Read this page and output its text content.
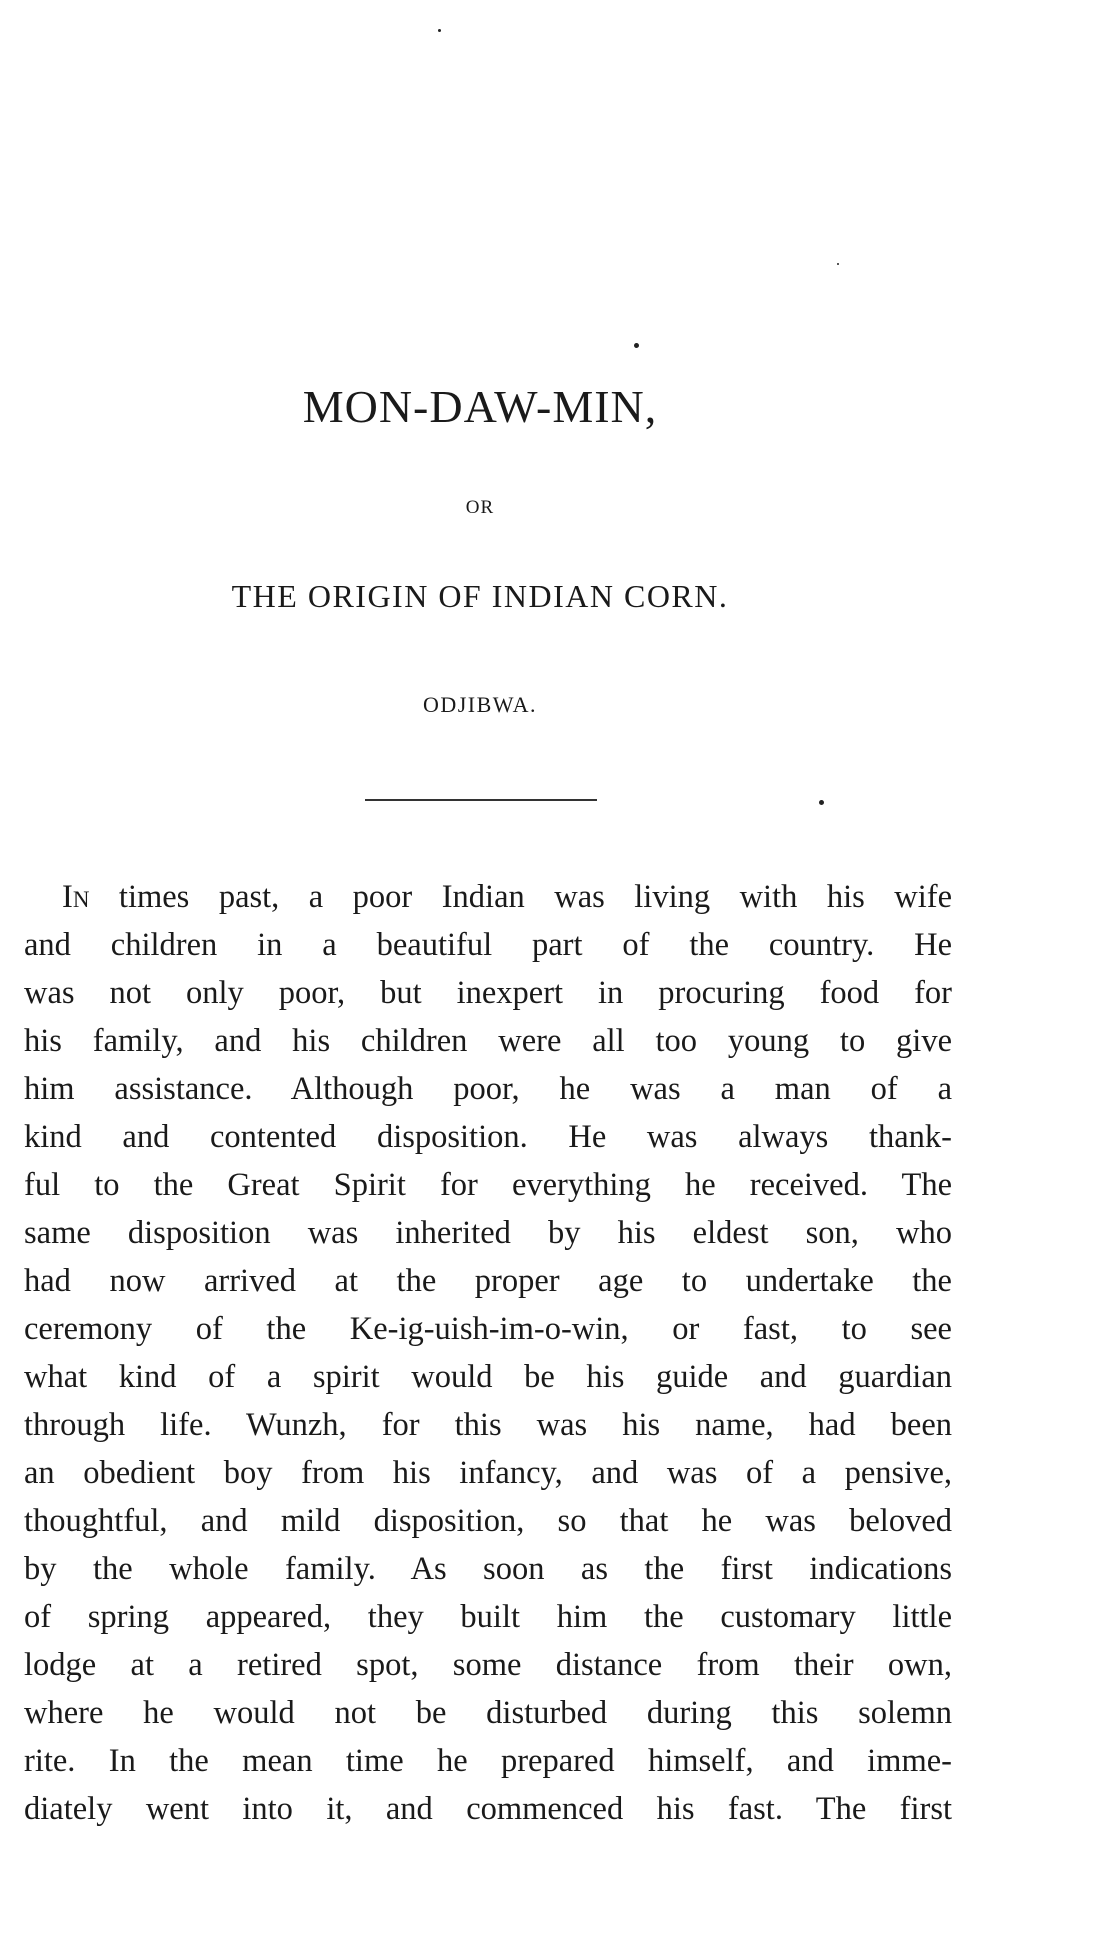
MON-DAW-MIN,
OR
THE ORIGIN OF INDIAN CORN.
ODJIBWA.
In times past, a poor Indian was living with his wife
and children in a beautiful part of the country. He
was not only poor, but inexpert in procuring food for
his family, and his children were all too young to give
him assistance. Although poor, he was a man of a
kind and contented disposition. He was always thank-
ful to the Great Spirit for everything he received. The
same disposition was inherited by his eldest son, who
had now arrived at the proper age to undertake the
ceremony of the Ke-ig-uish-im-o-win, or fast, to see
what kind of a spirit would be his guide and guardian
through life. Wunzh, for this was his name, had been
an obedient boy from his infancy, and was of a pensive,
thoughtful, and mild disposition, so that he was beloved
by the whole family. As soon as the first indications
of spring appeared, they built him the customary little
lodge at a retired spot, some distance from their own,
where he would not be disturbed during this solemn
rite. In the mean time he prepared himself, and imme-
diately went into it, and commenced his fast. The first
